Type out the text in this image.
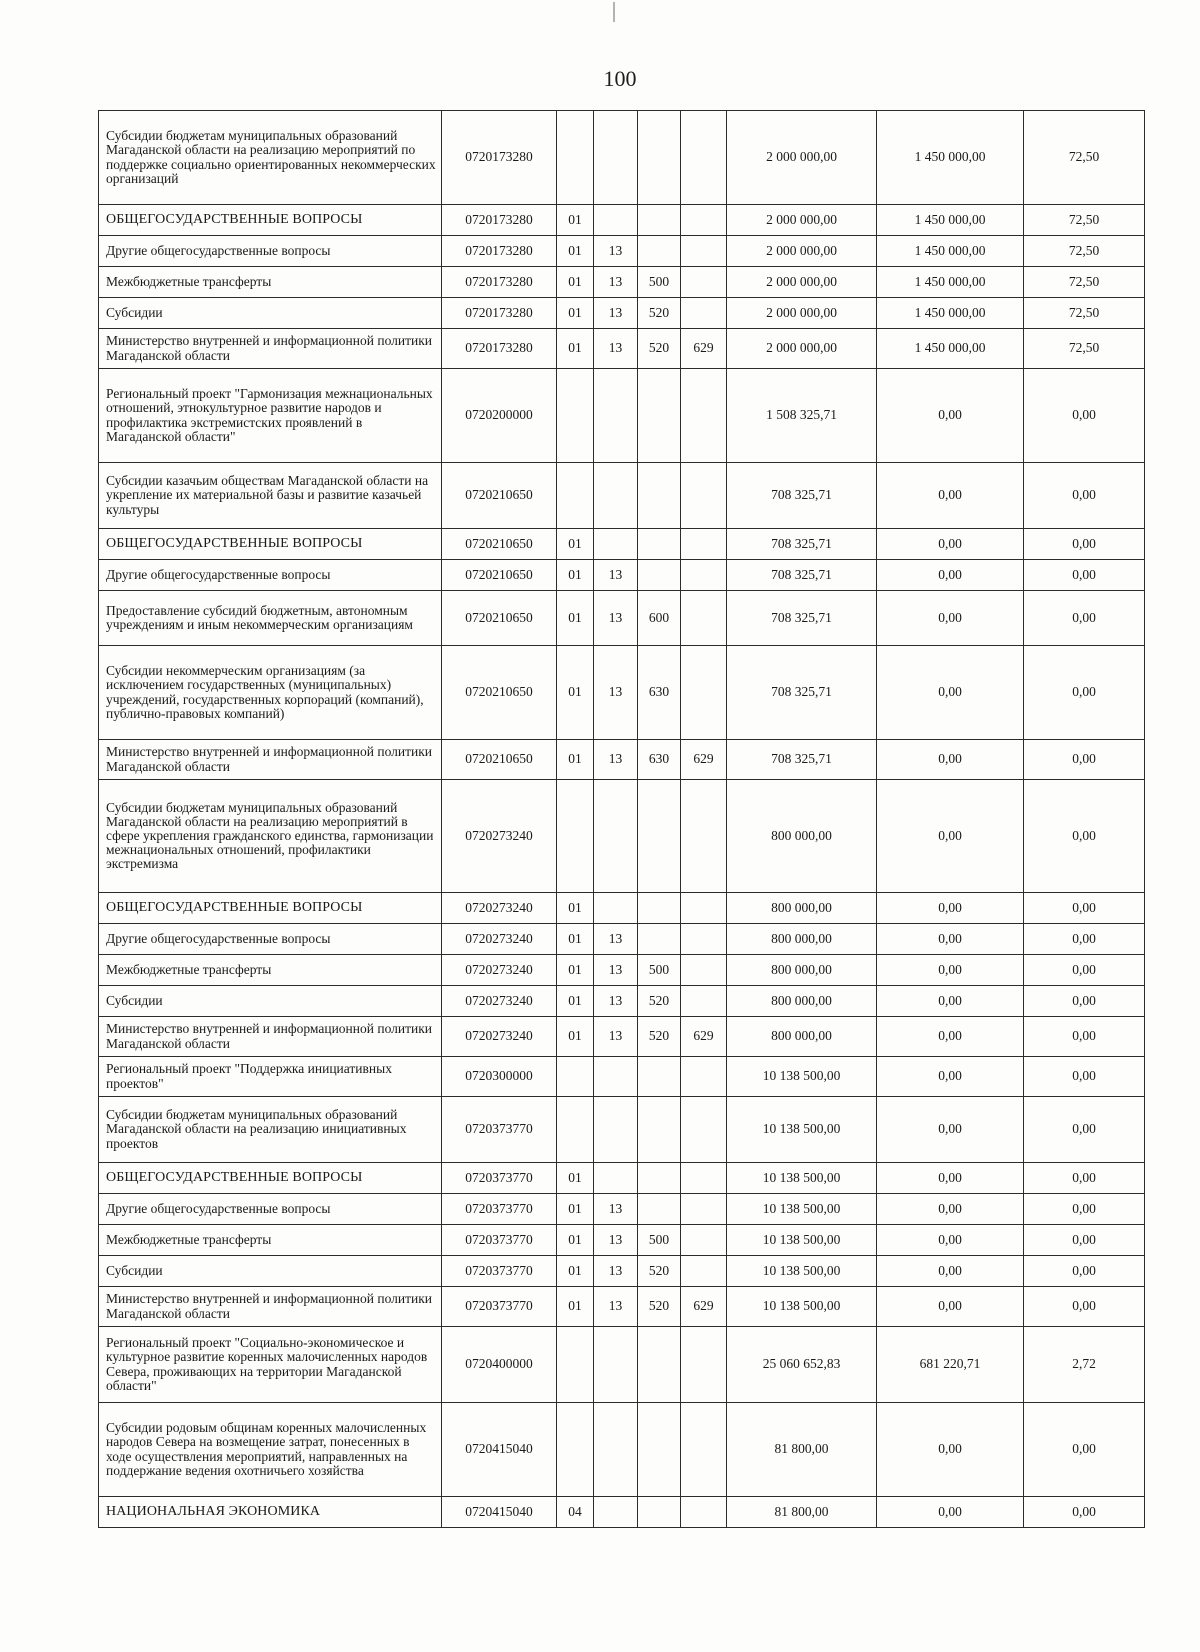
100
Субсидии бюджетам муниципальных образований Магаданской области на реализацию мероприятий по поддержке социально ориентированных некоммерческих организаций	0720173280					2 000 000,00	1 450 000,00	72,50
ОБЩЕГОСУДАРСТВЕННЫЕ ВОПРОСЫ	0720173280	01				2 000 000,00	1 450 000,00	72,50
Другие общегосударственные вопросы	0720173280	01	13			2 000 000,00	1 450 000,00	72,50
Межбюджетные трансферты	0720173280	01	13	500		2 000 000,00	1 450 000,00	72,50
Субсидии	0720173280	01	13	520		2 000 000,00	1 450 000,00	72,50
Министерство внутренней и информационной политики Магаданской области	0720173280	01	13	520	629	2 000 000,00	1 450 000,00	72,50
Региональный проект "Гармонизация межнациональных отношений, этнокультурное развитие народов и профилактика экстремистских проявлений в Магаданской области"	0720200000					1 508 325,71	0,00	0,00
Субсидии казачьим обществам Магаданской области на укрепление их материальной базы и развитие казачьей культуры	0720210650					708 325,71	0,00	0,00
ОБЩЕГОСУДАРСТВЕННЫЕ ВОПРОСЫ	0720210650	01				708 325,71	0,00	0,00
Другие общегосударственные вопросы	0720210650	01	13			708 325,71	0,00	0,00
Предоставление субсидий бюджетным, автономным учреждениям и иным некоммерческим организациям	0720210650	01	13	600		708 325,71	0,00	0,00
Субсидии некоммерческим организациям (за исключением государственных (муниципальных) учреждений, государственных корпораций (компаний), публично-правовых компаний)	0720210650	01	13	630		708 325,71	0,00	0,00
Министерство внутренней и информационной политики Магаданской области	0720210650	01	13	630	629	708 325,71	0,00	0,00
Субсидии бюджетам муниципальных образований Магаданской области на реализацию мероприятий в сфере укрепления гражданского единства, гармонизации межнациональных отношений, профилактики экстремизма	0720273240					800 000,00	0,00	0,00
ОБЩЕГОСУДАРСТВЕННЫЕ ВОПРОСЫ	0720273240	01				800 000,00	0,00	0,00
Другие общегосударственные вопросы	0720273240	01	13			800 000,00	0,00	0,00
Межбюджетные трансферты	0720273240	01	13	500		800 000,00	0,00	0,00
Субсидии	0720273240	01	13	520		800 000,00	0,00	0,00
Министерство внутренней и информационной политики Магаданской области	0720273240	01	13	520	629	800 000,00	0,00	0,00
Региональный проект "Поддержка инициативных проектов"	0720300000					10 138 500,00	0,00	0,00
Субсидии бюджетам муниципальных образований Магаданской области на реализацию инициативных проектов	0720373770					10 138 500,00	0,00	0,00
ОБЩЕГОСУДАРСТВЕННЫЕ ВОПРОСЫ	0720373770	01				10 138 500,00	0,00	0,00
Другие общегосударственные вопросы	0720373770	01	13			10 138 500,00	0,00	0,00
Межбюджетные трансферты	0720373770	01	13	500		10 138 500,00	0,00	0,00
Субсидии	0720373770	01	13	520		10 138 500,00	0,00	0,00
Министерство внутренней и информационной политики Магаданской области	0720373770	01	13	520	629	10 138 500,00	0,00	0,00
Региональный проект "Социально-экономическое и культурное развитие коренных малочисленных народов Севера, проживающих на территории Магаданской области"	0720400000					25 060 652,83	681 220,71	2,72
Субсидии родовым общинам коренных малочисленных народов Севера на возмещение затрат, понесенных в ходе осуществления мероприятий, направленных на поддержание ведения охотничьего хозяйства	0720415040					81 800,00	0,00	0,00
НАЦИОНАЛЬНАЯ ЭКОНОМИКА	0720415040	04				81 800,00	0,00	0,00
